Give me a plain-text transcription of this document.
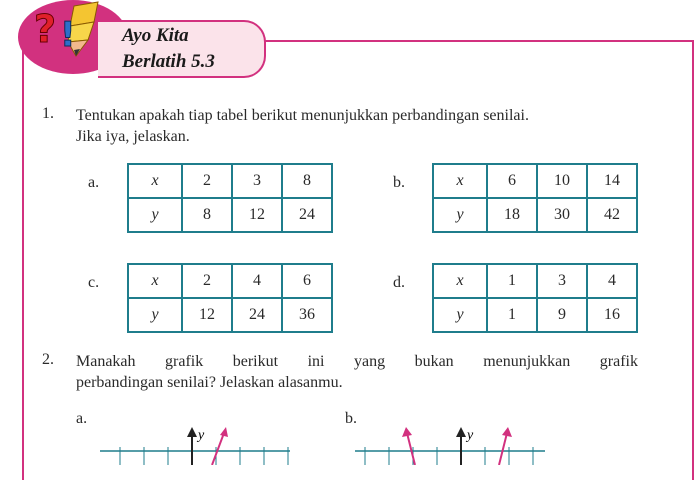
? ! Ayo Kita
Berlatih 5.3
1. Tentukan apakah tiap tabel berikut menunjukkan perbandingan senilai.
Jika iya, jelaskan.
a.	x	2	3	8
y	8	12	24
b.	x	6	10	14
y	18	30	42
c.	x	2	4	6
y	12	24	36
d.	x	1	3	4
y	1	9	16
2. Manakah grafik berikut ini yang bukan menunjukkan grafik
perbandingan senilai? Jelaskan alasanmu.
a.	b.
y	y
